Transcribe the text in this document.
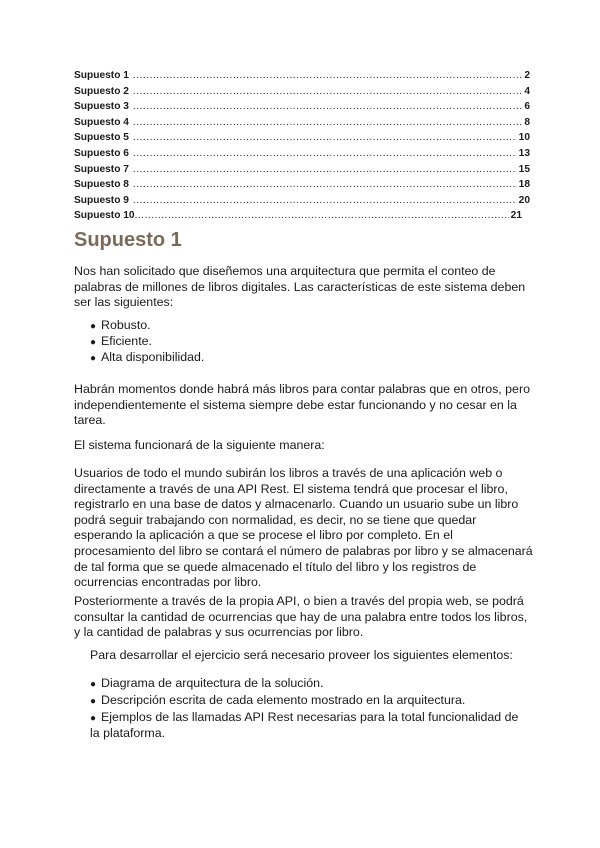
Supuesto 1 .....	2
Supuesto 2 .....	4
Supuesto 3 .....	6
Supuesto 4 .....	8
Supuesto 5 .....	10
Supuesto 6 .....	13
Supuesto 7 .....	15
Supuesto 8 .....	18
Supuesto 9 .....	20
Supuesto 10 .....	21
Supuesto 1

Nos han solicitado que diseñemos una arquitectura que permita el conteo de palabras de millones de libros digitales. Las características de este sistema deben ser las siguientes:

● Robusto.
● Eficiente.
● Alta disponibilidad.

Habrán momentos donde habrá más libros para contar palabras que en otros, pero independientemente el sistema siempre debe estar funcionando y no cesar en la tarea.

El sistema funcionará de la siguiente manera:

Usuarios de todo el mundo subirán los libros a través de una aplicación web o directamente a través de una API Rest. El sistema tendrá que procesar el libro, registrarlo en una base de datos y almacenarlo. Cuando un usuario sube un libro podrá seguir trabajando con normalidad, es decir, no se tiene que quedar esperando la aplicación a que se procese el libro por completo. En el procesamiento del libro se contará el número de palabras por libro y se almacenará de tal forma que se quede almacenado el título del libro y los registros de ocurrencias encontradas por libro.

Posteriormente a través de la propia API, o bien a través del propia web, se podrá consultar la cantidad de ocurrencias que hay de una palabra entre todos los libros, y la cantidad de palabras y sus ocurrencias por libro.

Para desarrollar el ejercicio será necesario proveer los siguientes elementos:

● Diagrama de arquitectura de la solución.
● Descripción escrita de cada elemento mostrado en la arquitectura.
● Ejemplos de las llamadas API Rest necesarias para la total funcionalidad de la plataforma.
